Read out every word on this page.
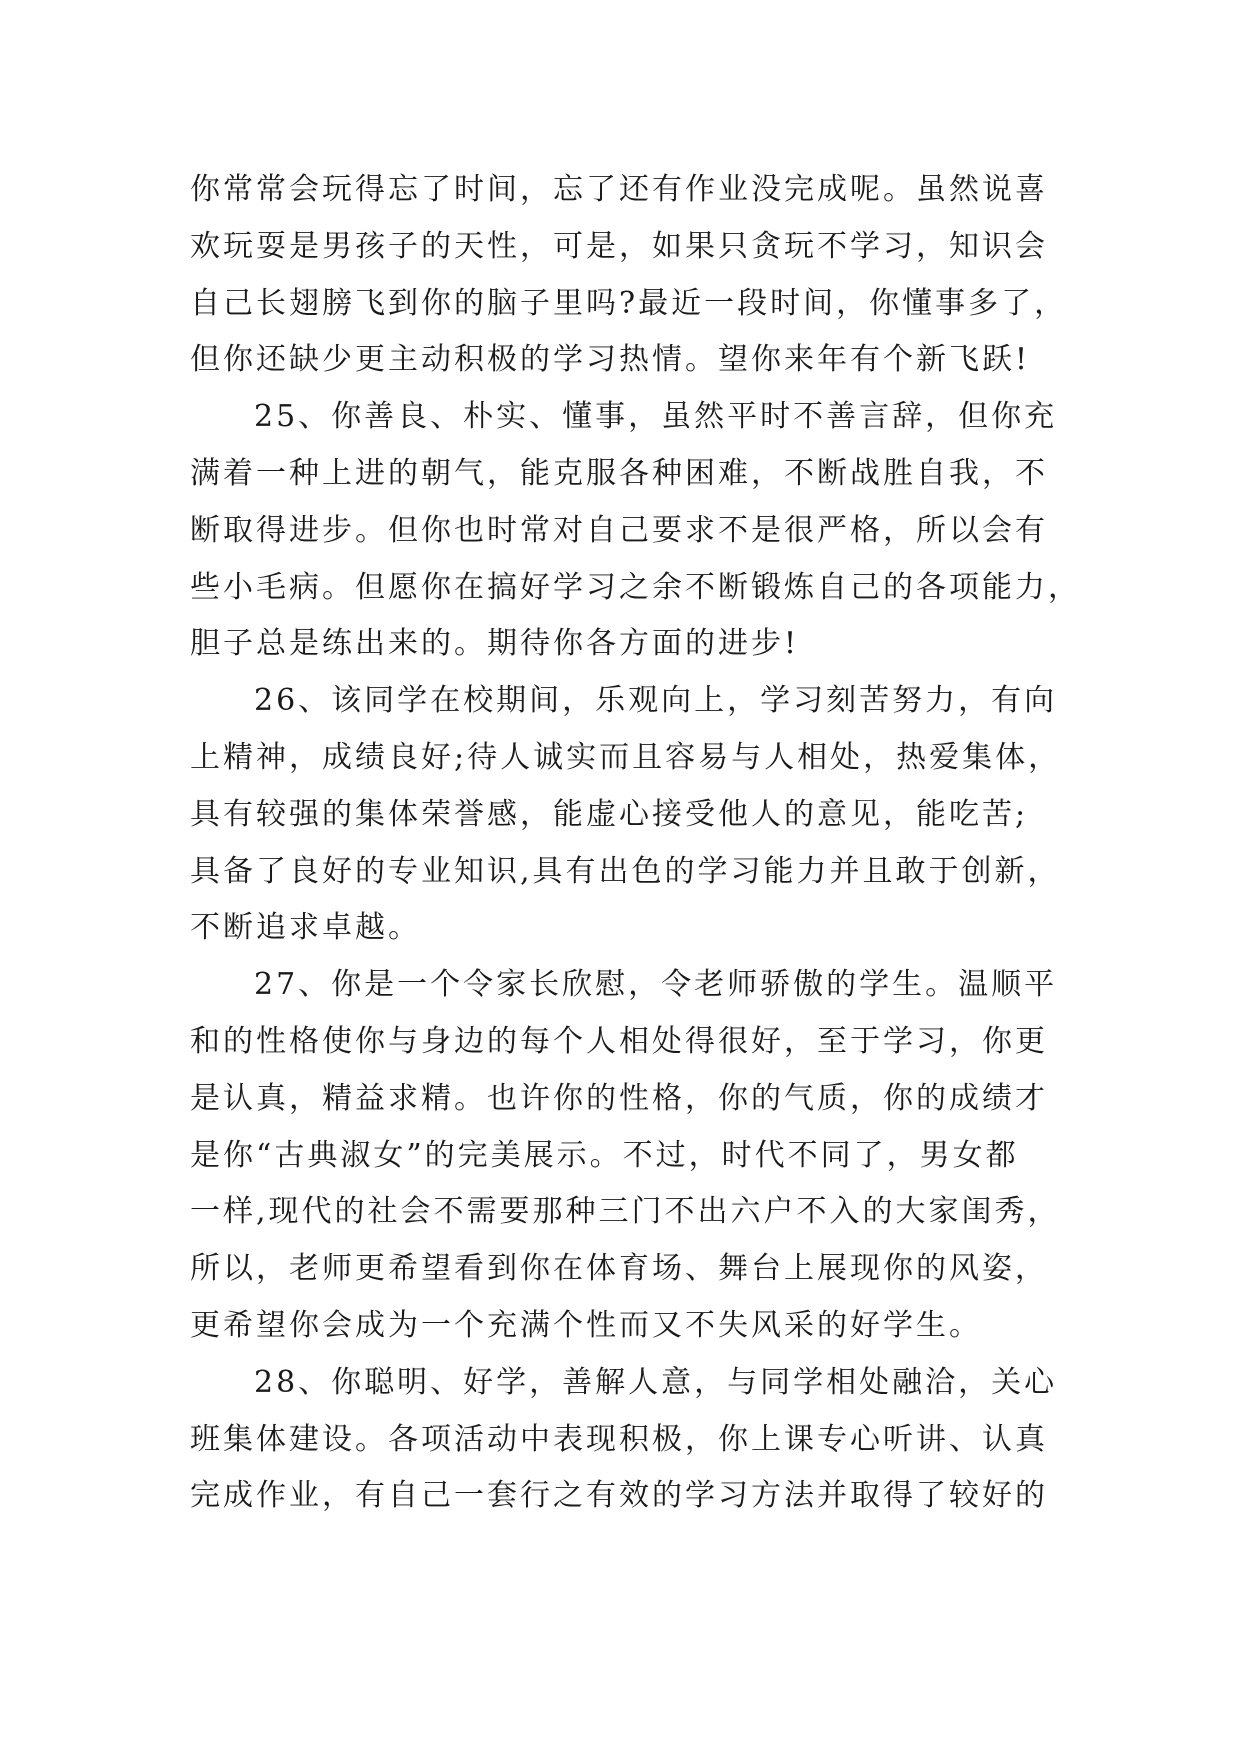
你常常会玩得忘了时间，忘了还有作业没完成呢。虽然说喜
欢玩耍是男孩子的天性，可是，如果只贪玩不学习，知识会
自己长翅膀飞到你的脑子里吗?最近一段时间，你懂事多了，
但你还缺少更主动积极的学习热情。望你来年有个新飞跃!
25、你善良、朴实、懂事，虽然平时不善言辞，但你充
满着一种上进的朝气，能克服各种困难，不断战胜自我，不
断取得进步。但你也时常对自己要求不是很严格，所以会有
些小毛病。但愿你在搞好学习之余不断锻炼自己的各项能力，
胆子总是练出来的。期待你各方面的进步!
26、该同学在校期间，乐观向上，学习刻苦努力，有向
上精神，成绩良好;待人诚实而且容易与人相处，热爱集体，
具有较强的集体荣誉感，能虚心接受他人的意见，能吃苦;
具备了良好的专业知识,具有出色的学习能力并且敢于创新，
不断追求卓越。
27、你是一个令家长欣慰，令老师骄傲的学生。温顺平
和的性格使你与身边的每个人相处得很好，至于学习，你更
是认真，精益求精。也许你的性格，你的气质，你的成绩才
是你“古典淑女”的完美展示。不过，时代不同了，男女都
一样,现代的社会不需要那种三门不出六户不入的大家闺秀，
所以，老师更希望看到你在体育场、舞台上展现你的风姿，
更希望你会成为一个充满个性而又不失风采的好学生。
28、你聪明、好学，善解人意，与同学相处融洽，关心
班集体建设。各项活动中表现积极，你上课专心听讲、认真
完成作业，有自己一套行之有效的学习方法并取得了较好的
